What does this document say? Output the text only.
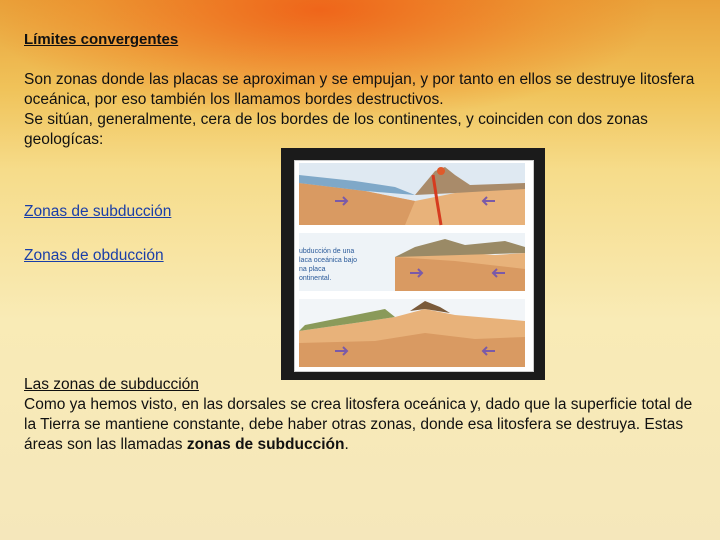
Límites convergentes
Son zonas donde las placas se aproximan y se empujan, y por tanto en ellos se destruye litosfera oceánica, por eso también los llamamos bordes destructivos.
Se sitúan, generalmente, cera de los bordes de los continentes, y coinciden con dos zonas geologícas:
Zonas de subducción
Zonas de obducción	ubducción de una
laca oceánica bajo
na placa
ontinental.
Las zonas de subducción
Como ya hemos visto, en las dorsales se crea litosfera oceánica y, dado que la superficie total de la Tierra se mantiene constante, debe haber otras zonas, donde esa litosfera se destruya. Estas áreas son las llamadas zonas de subducción.
